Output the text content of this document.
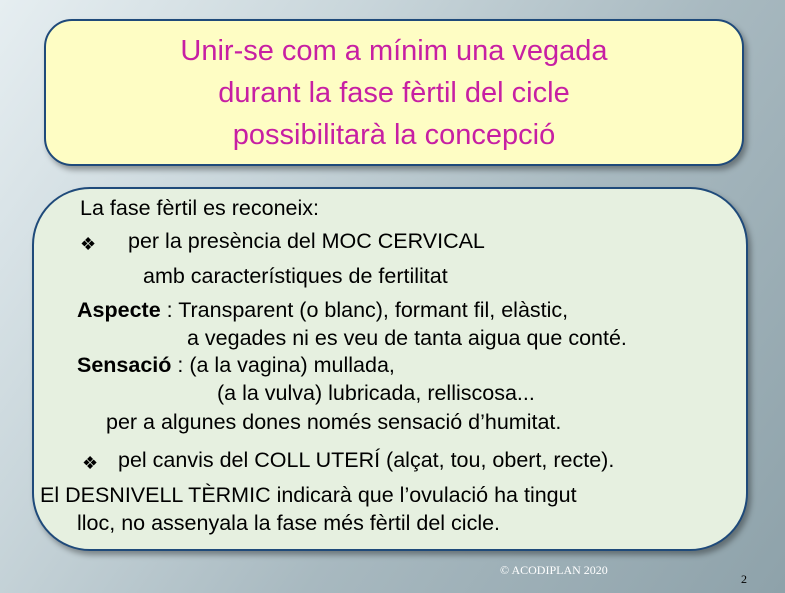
Unir-se com a mínim una vegada
durant la fase fèrtil del cicle
possibilitarà la concepció
La fase fèrtil es reconeix:
❖ per la presència del MOC CERVICAL
amb característiques de fertilitat
Aspecte : Transparent (o blanc), formant fil, elàstic,
a vegades ni es veu de tanta aigua que conté.
Sensació : (a la vagina) mullada,
(a la vulva) lubricada, relliscosa...
per a algunes dones només sensació d’humitat.
❖ pel canvis del COLL UTERÍ (alçat, tou, obert, recte).
El DESNIVELL TÈRMIC indicarà que l’ovulació ha tingut
lloc, no assenyala la fase més fèrtil del cicle.
© ACODIPLAN 2020
2
